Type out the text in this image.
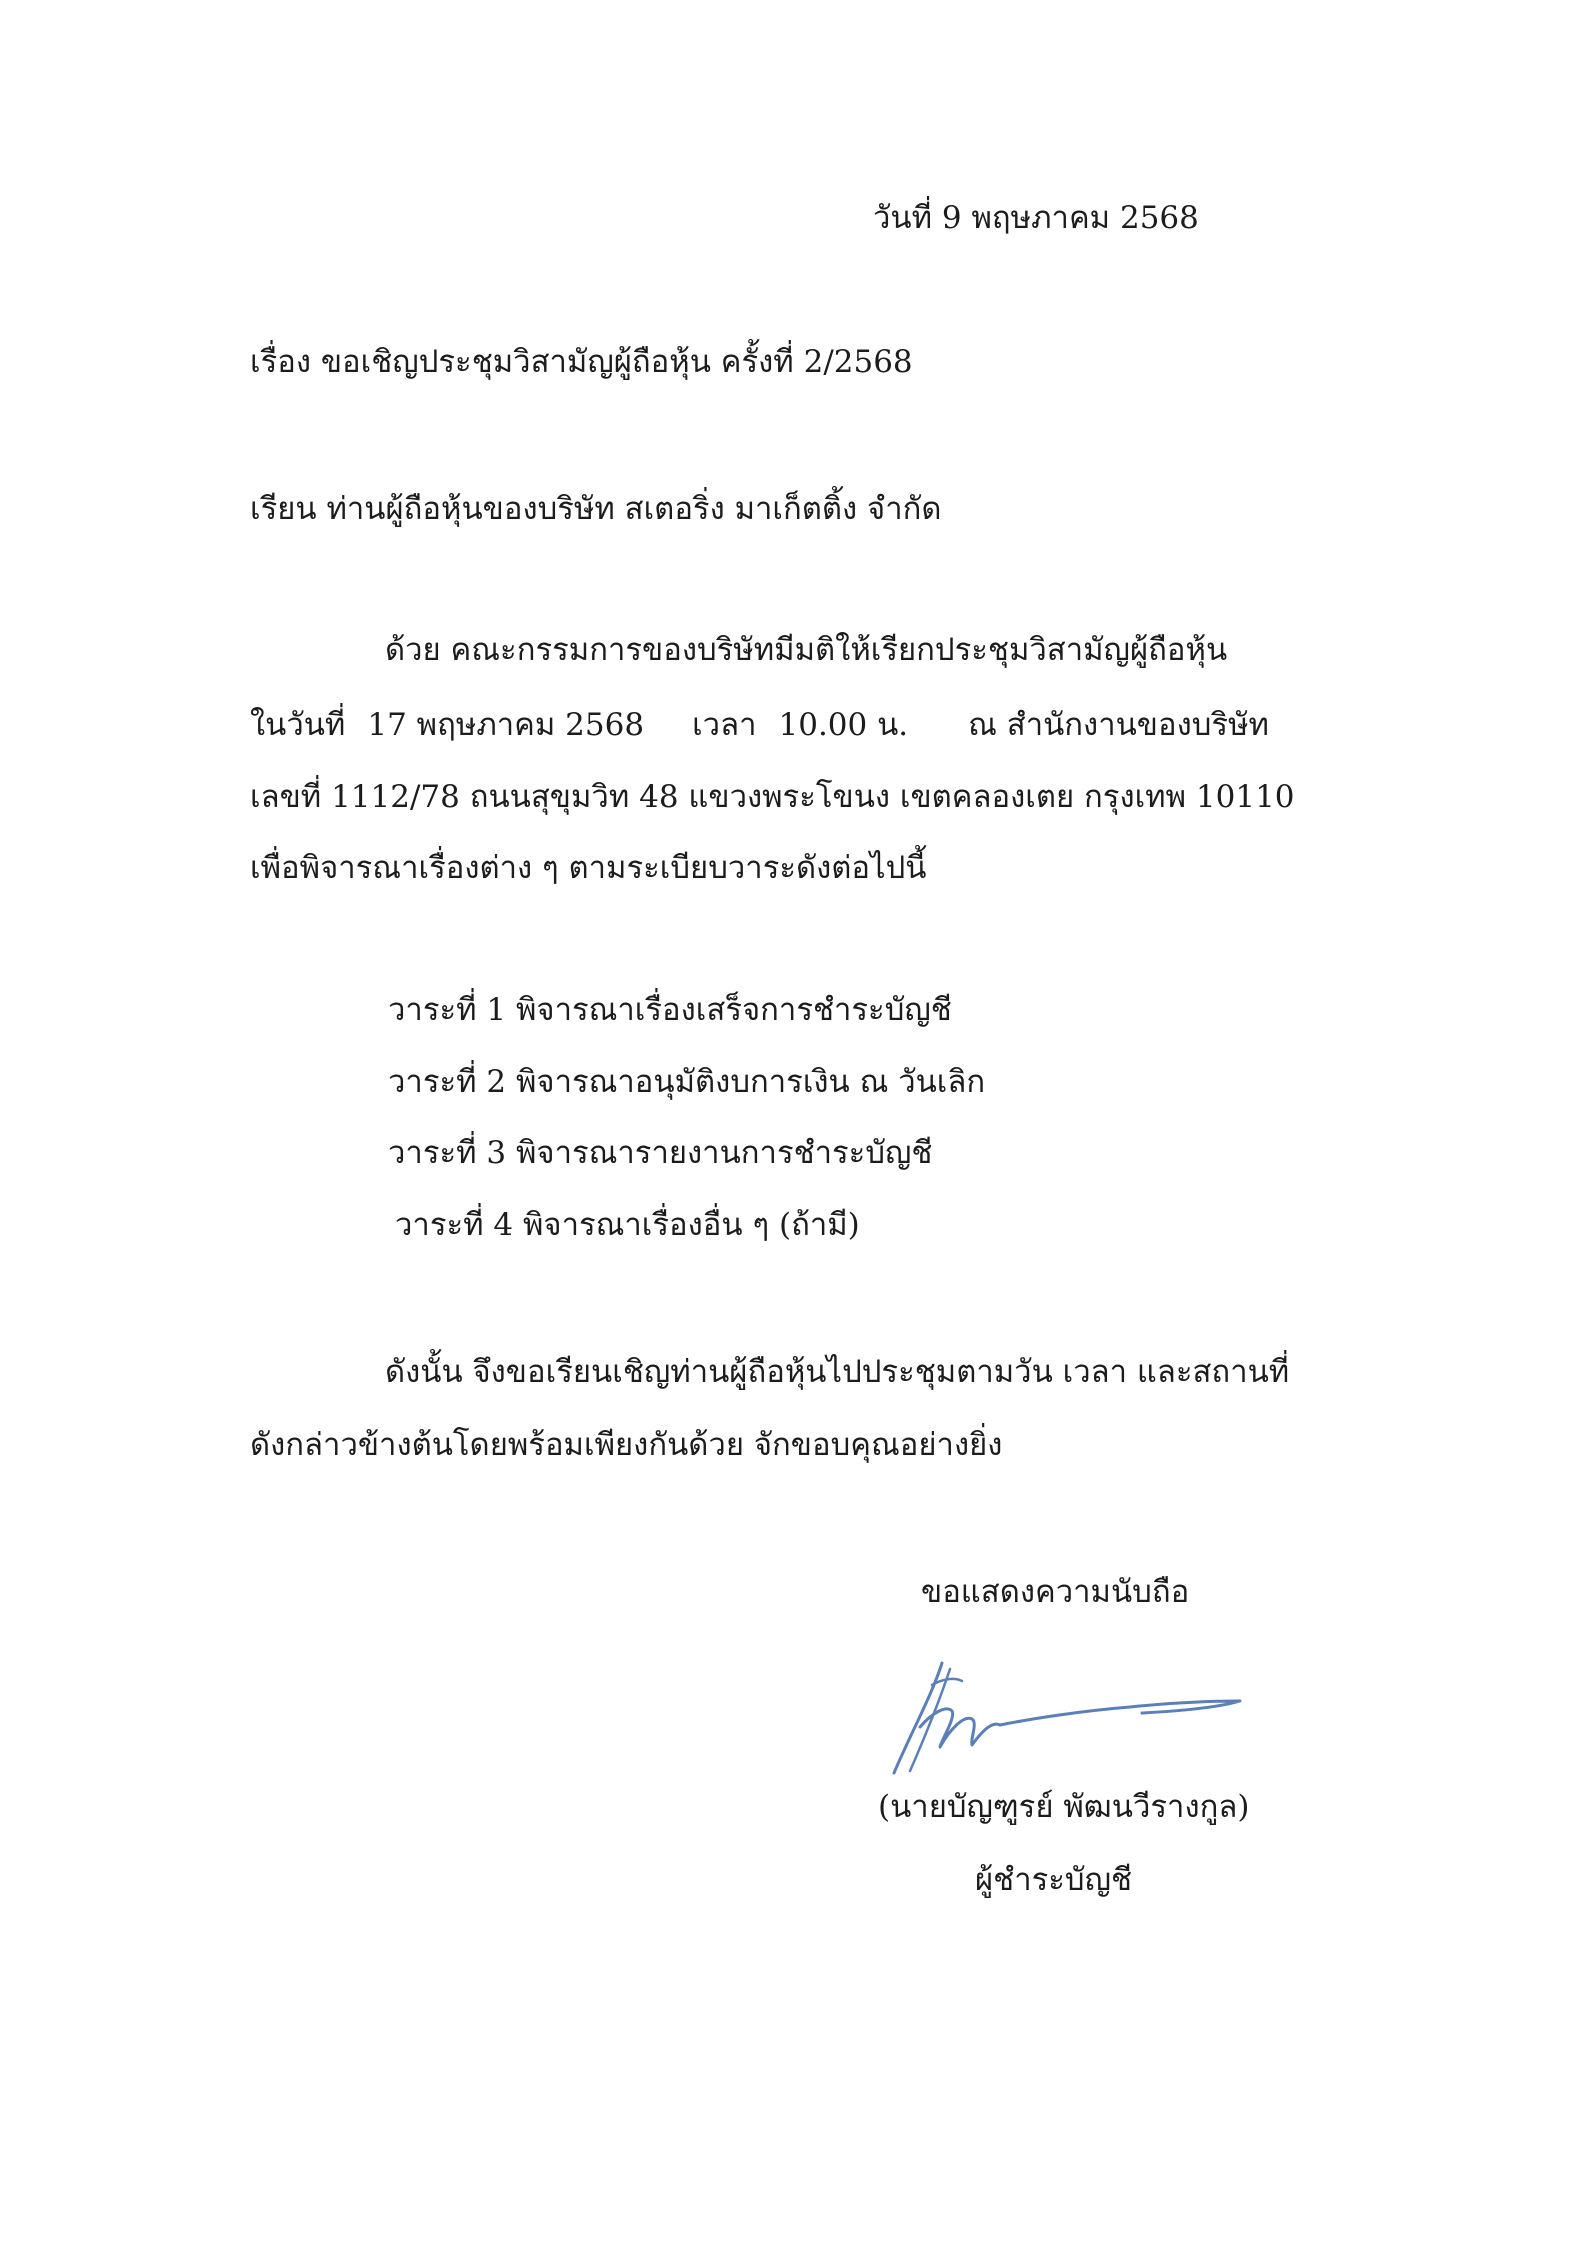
วันที่ 9 พฤษภาคม 2568
เรื่อง ขอเชิญประชุมวิสามัญผู้ถือหุ้น ครั้งที่ 2/2568
เรียน ท่านผู้ถือหุ้นของบริษัท สเตอริ่ง มาเก็ตติ้ง จำกัด
ด้วย คณะกรรมการของบริษัทมีมติให้เรียกประชุมวิสามัญผู้ถือหุ้น
ในวันที่ 17 พฤษภาคม 2568 เวลา 10.00 น. ณ สำนักงานของบริษัท
เลขที่ 1112/78 ถนนสุขุมวิท 48 แขวงพระโขนง เขตคลองเตย กรุงเทพ 10110
เพื่อพิจารณาเรื่องต่าง ๆ ตามระเบียบวาระดังต่อไปนี้
วาระที่ 1 พิจารณาเรื่องเสร็จการชำระบัญชี
วาระที่ 2 พิจารณาอนุมัติงบการเงิน ณ วันเลิก
วาระที่ 3 พิจารณารายงานการชำระบัญชี
วาระที่ 4 พิจารณาเรื่องอื่น ๆ (ถ้ามี)
ดังนั้น จึงขอเรียนเชิญท่านผู้ถือหุ้นไปประชุมตามวัน เวลา และสถานที่
ดังกล่าวข้างต้นโดยพร้อมเพียงกันด้วย จักขอบคุณอย่างยิ่ง
ขอแสดงความนับถือ
(นายบัญฑูรย์ พัฒนวีรางกูล)
ผู้ชำระบัญชี
